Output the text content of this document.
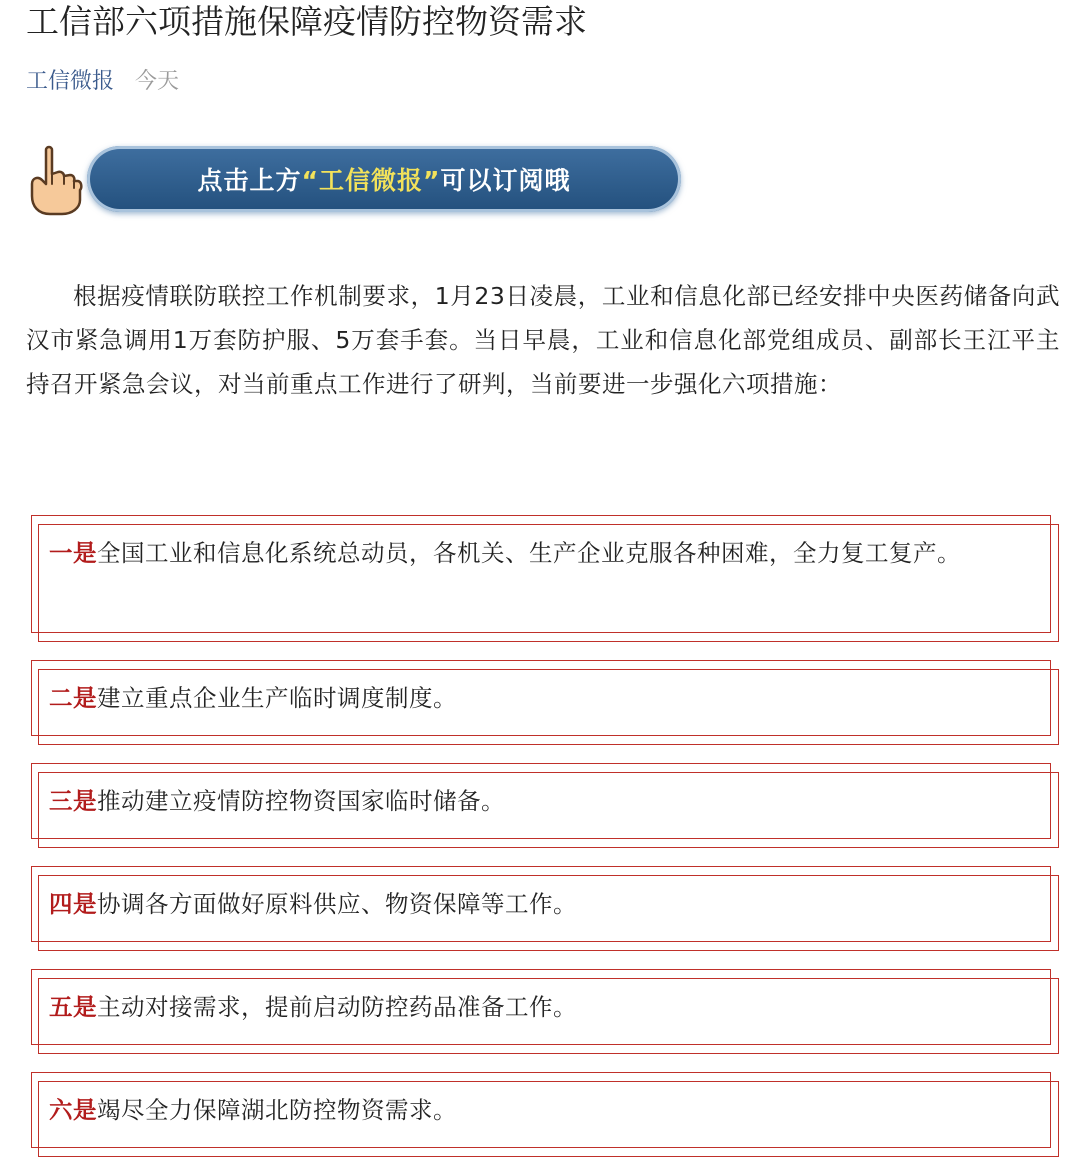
工信部六项措施保障疫情防控物资需求
工信微报 今天
点击上方“工信微报”可以订阅哦

根据疫情联防联控工作机制要求，1月23日凌晨，工业和信息化部已经安排中央医药储备向武汉市紧急调用1万套防护服、5万套手套。当日早晨，工业和信息化部党组成员、副部长王江平主持召开紧急会议，对当前重点工作进行了研判，当前要进一步强化六项措施：

一是全国工业和信息化系统总动员，各机关、生产企业克服各种困难，全力复工复产。
二是建立重点企业生产临时调度制度。
三是推动建立疫情防控物资国家临时储备。
四是协调各方面做好原料供应、物资保障等工作。
五是主动对接需求，提前启动防控药品准备工作。
六是竭尽全力保障湖北防控物资需求。
